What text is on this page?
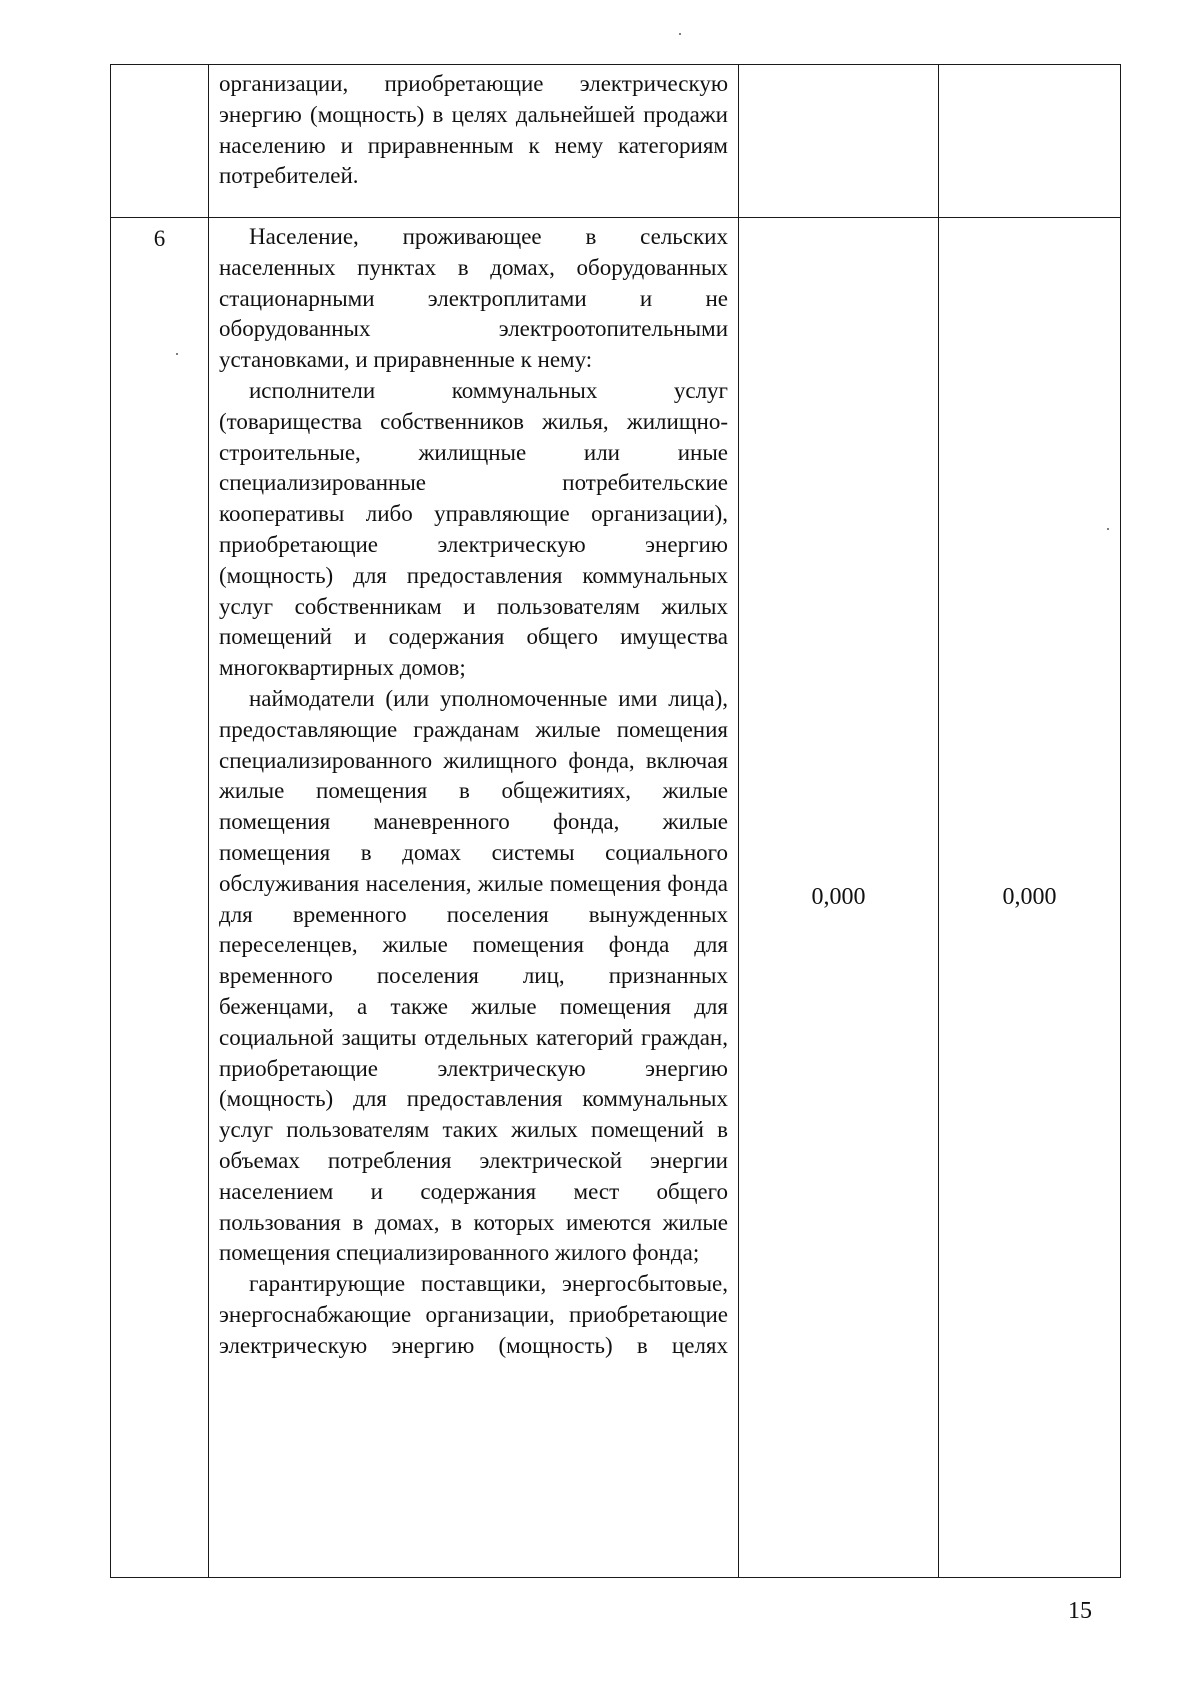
	организации, приобретающие электрическую энергию (мощность) в целях дальнейшей продажи населению и приравненным к нему категориям потребителей.		

6	Население, проживающее в сельских населенных пунктах в домах, оборудованных стационарными электроплитами и не оборудованных электроотопительными установками, и приравненные к нему:

исполнители коммунальных услуг (товарищества собственников жилья, жилищно-строительные, жилищные или иные специализированные потребительские кооперативы либо управляющие организации), приобретающие электрическую энергию (мощность) для предоставления коммунальных услуг собственникам и пользователям жилых помещений и содержания общего имущества многоквартирных домов;

наймодатели (или уполномоченные ими лица), предоставляющие гражданам жилые помещения специализированного жилищного фонда, включая жилые помещения в общежитиях, жилые помещения маневренного фонда, жилые помещения в домах системы социального обслуживания населения, жилые помещения фонда для временного поселения вынужденных переселенцев, жилые помещения фонда для временного поселения лиц, признанных беженцами, а также жилые помещения для социальной защиты отдельных категорий граждан, приобретающие электрическую энергию (мощность) для предоставления коммунальных услуг пользователям таких жилых помещений в объемах потребления электрической энергии населением и содержания мест общего пользования в домах, в которых имеются жилые помещения специализированного жилого фонда;

гарантирующие поставщики, энергосбытовые, энергоснабжающие организации, приобретающие электрическую энергию (мощность) в целях	0,000	0,000
15
